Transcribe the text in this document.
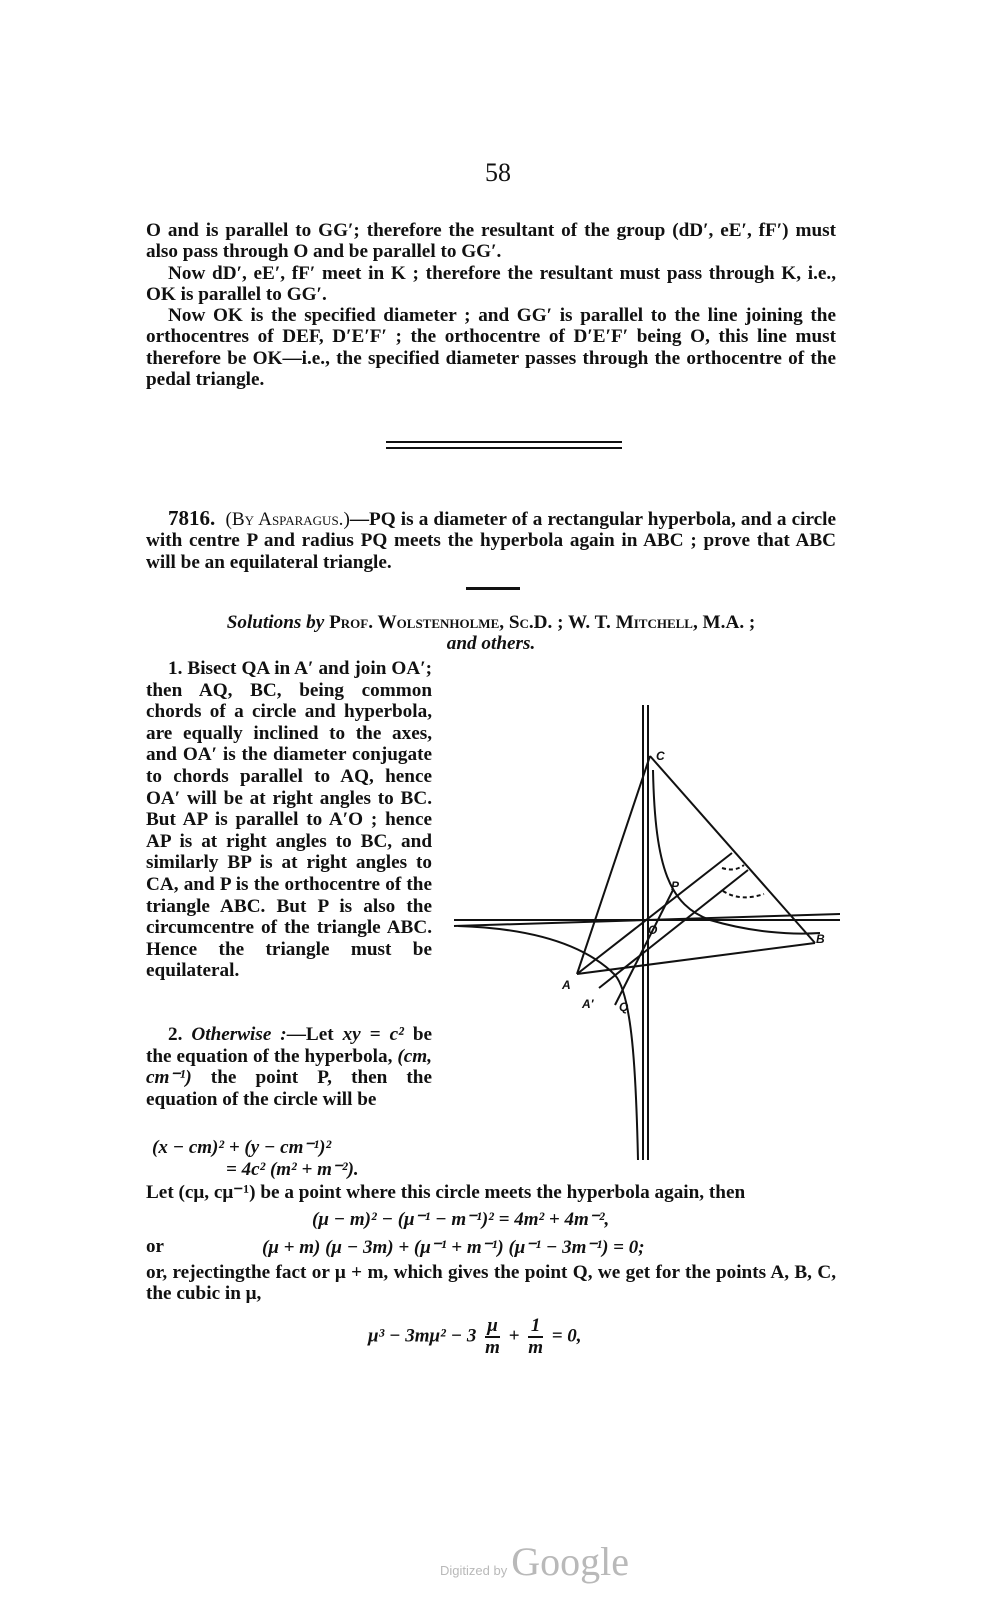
58

O and is parallel to GG′; therefore the resultant of the group (dD′, eE′, fF′) must also pass through O and be parallel to GG′.

Now dD′, eE′, fF′ meet in K ; therefore the resultant must pass through K, i.e., OK is parallel to GG′.

Now OK is the specified diameter ; and GG′ is parallel to the line joining the orthocentres of DEF, D′E′F′ ; the orthocentre of D′E′F′ being O, this line must therefore be OK—i.e., the specified diameter passes through the orthocentre of the pedal triangle.

7816. (By Asparagus.)—PQ is a diameter of a rectangular hyperbola, and a circle with centre P and radius PQ meets the hyperbola again in ABC ; prove that ABC will be an equilateral triangle.

Solutions by Prof. Wolstenholme, Sc.D. ; W. T. Mitchell, M.A. ;

and others.

1. Bisect QA in A′ and join OA′; then AQ, BC, being common chords of a circle and hyperbola, are equally inclined to the axes, and OA′ is the diameter conjugate to chords parallel to AQ, hence OA′ will be at right angles to BC. But AP is parallel to A′O ; hence AP is at right angles to BC, and similarly BP is at right angles to CA, and P is the orthocentre of the triangle ABC. But P is also the circumcentre of the triangle ABC. Hence the triangle must be equilateral.

2. Otherwise :—Let xy = c² be the equation of the hyperbola, (cm, cm⁻¹) the point P, then the equation of the circle will be

(x − cm)² + (y − cm⁻¹)²
= 4c² (m² + m⁻²).

Let (cμ, cμ⁻¹) be a point where this circle meets the hyperbola again, then

(μ − m)² − (μ⁻¹ − m⁻¹)² = 4m² + 4m⁻²,
or	(μ + m) (μ − 3m) + (μ⁻¹ + m⁻¹) (μ⁻¹ − 3m⁻¹) = 0;

or, rejectingthe fact or μ + m, which gives the point Q, we get for the points A, B, C, the cubic in μ,

$\mu^3 - 3m\mu^2 - 3 \frac{\mu}{m} + \frac{1}{m} = 0$,
C
P
B
O
A
A′ Q
Digitized by Google
